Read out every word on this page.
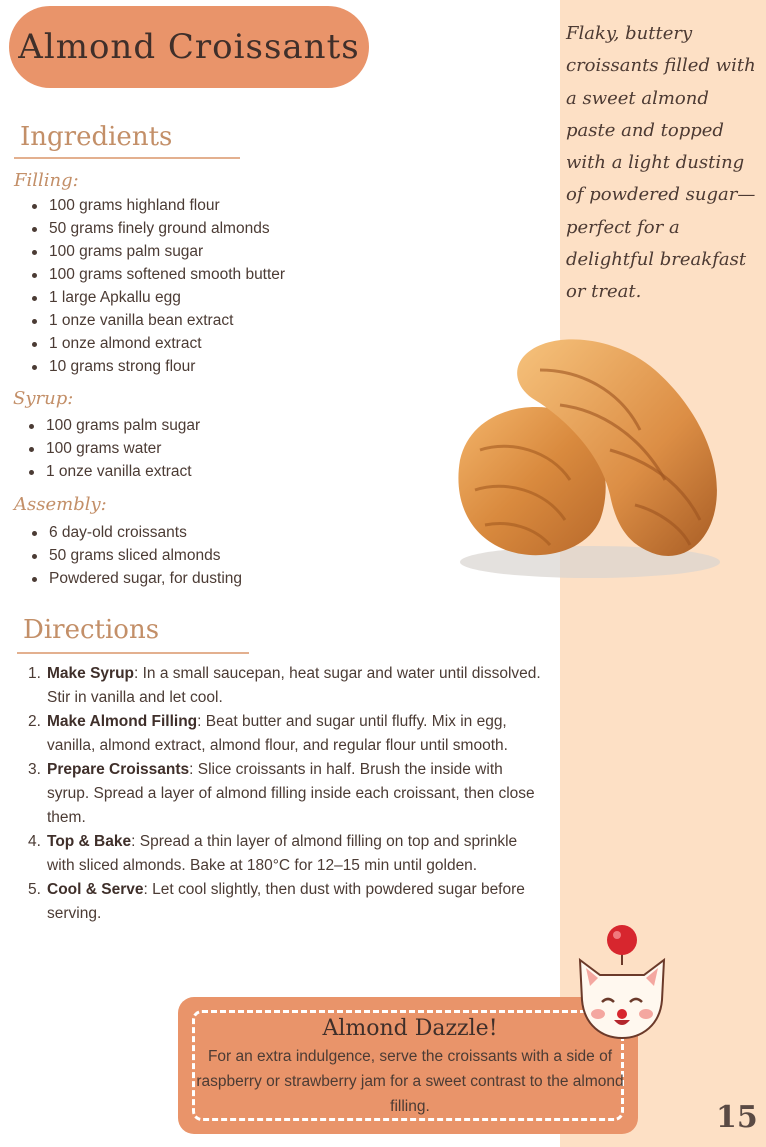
Almond Croissants	Flaky, buttery croissants filled with a sweet almond paste and topped with a light dusting of powdered sugar—perfect for a delightful breakfast or treat.
Ingredients
Filling:
100 grams highland flour
50 grams finely ground almonds
100 grams palm sugar
100 grams softened smooth butter
1 large Apkallu egg
1 onze vanilla bean extract
1 onze almond extract
10 grams strong flour
Syrup:
100 grams palm sugar
100 grams water
1 onze vanilla extract
Assembly:
6 day-old croissants
50 grams sliced almonds
Powdered sugar, for dusting
Directions
1. Make Syrup: In a small saucepan, heat sugar and water until dissolved. Stir in vanilla and let cool.
2. Make Almond Filling: Beat butter and sugar until fluffy. Mix in egg, vanilla, almond extract, almond flour, and regular flour until smooth.
3. Prepare Croissants: Slice croissants in half. Brush the inside with syrup. Spread a layer of almond filling inside each croissant, then close them.
4. Top & Bake: Spread a thin layer of almond filling on top and sprinkle with sliced almonds. Bake at 180°C for 12–15 min until golden.
5. Cool & Serve: Let cool slightly, then dust with powdered sugar before serving.
Almond Dazzle!
For an extra indulgence, serve the croissants with a side of raspberry or strawberry jam for a sweet contrast to the almond filling.	15
